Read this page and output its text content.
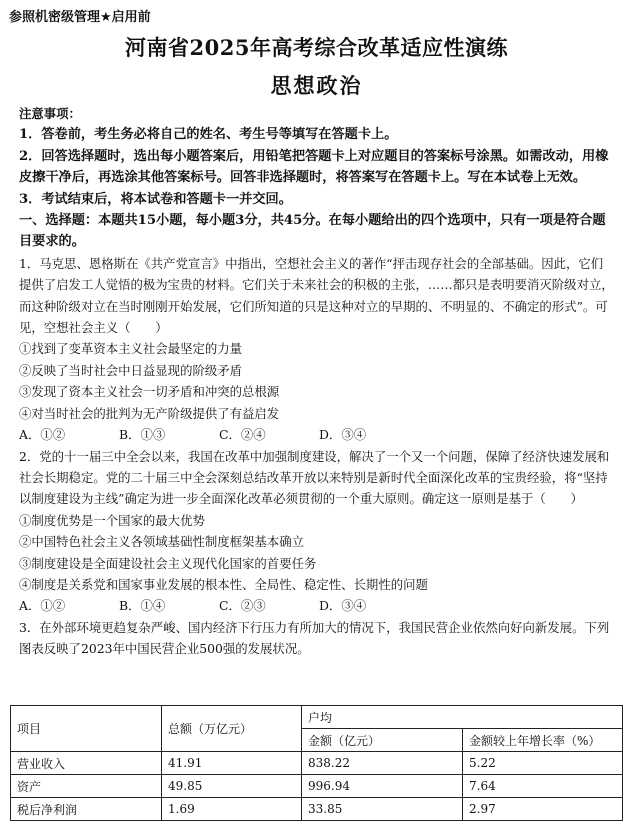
参照机密级管理★启用前
河南省2025年高考综合改革适应性演练
思想政治

注意事项：

1．答卷前，考生务必将自己的姓名、考生号等填写在答题卡上。

2．回答选择题时，选出每小题答案后，用铅笔把答题卡上对应题目的答案标号涂黑。如需改动，用橡皮擦干净后，再选涂其他答案标号。回答非选择题时，将答案写在答题卡上。写在本试卷上无效。

3．考试结束后，将本试卷和答题卡一并交回。

一、选择题：本题共15小题，每小题3分，共45分。在每小题给出的四个选项中，只有一项是符合题目要求的。

1．马克思、恩格斯在《共产党宣言》中指出，空想社会主义的著作“抨击现存社会的全部基础。因此，它们提供了启发工人觉悟的极为宝贵的材料。它们关于未来社会的积极的主张，……都只是表明要消灭阶级对立，而这种阶级对立在当时刚刚开始发展，它们所知道的只是这种对立的早期的、不明显的、不确定的形式”。可见，空想社会主义（　　）

①找到了变革资本主义社会最坚定的力量

②反映了当时社会中日益显现的阶级矛盾

③发现了资本主义社会一切矛盾和冲突的总根源

④对当时社会的批判为无产阶级提供了有益启发

A．①②	B．①③	C．②④	D．③④

2．党的十一届三中全会以来，我国在改革中加强制度建设，解决了一个又一个问题，保障了经济快速发展和社会长期稳定。党的二十届三中全会深刻总结改革开放以来特别是新时代全面深化改革的宝贵经验，将“坚持以制度建设为主线”确定为进一步全面深化改革必须贯彻的一个重大原则。确定这一原则是基于（　　）

①制度优势是一个国家的最大优势

②中国特色社会主义各领域基础性制度框架基本确立

③制度建设是全面建设社会主义现代化国家的首要任务

④制度是关系党和国家事业发展的根本性、全局性、稳定性、长期性的问题

A．①②	B．①④	C．②③	D．③④

3．在外部环境更趋复杂严峻、国内经济下行压力有所加大的情况下，我国民营企业依然向好向新发展。下列图表反映了2023年中国民营企业500强的发展状况。

项目	总额（万亿元）	户均	
		金额（亿元）	金额较上年增长率（%）
营业收入	41.91	838.22	5.22
资产	49.85	996.94	7.64
税后净利润	1.69	33.85	2.97
